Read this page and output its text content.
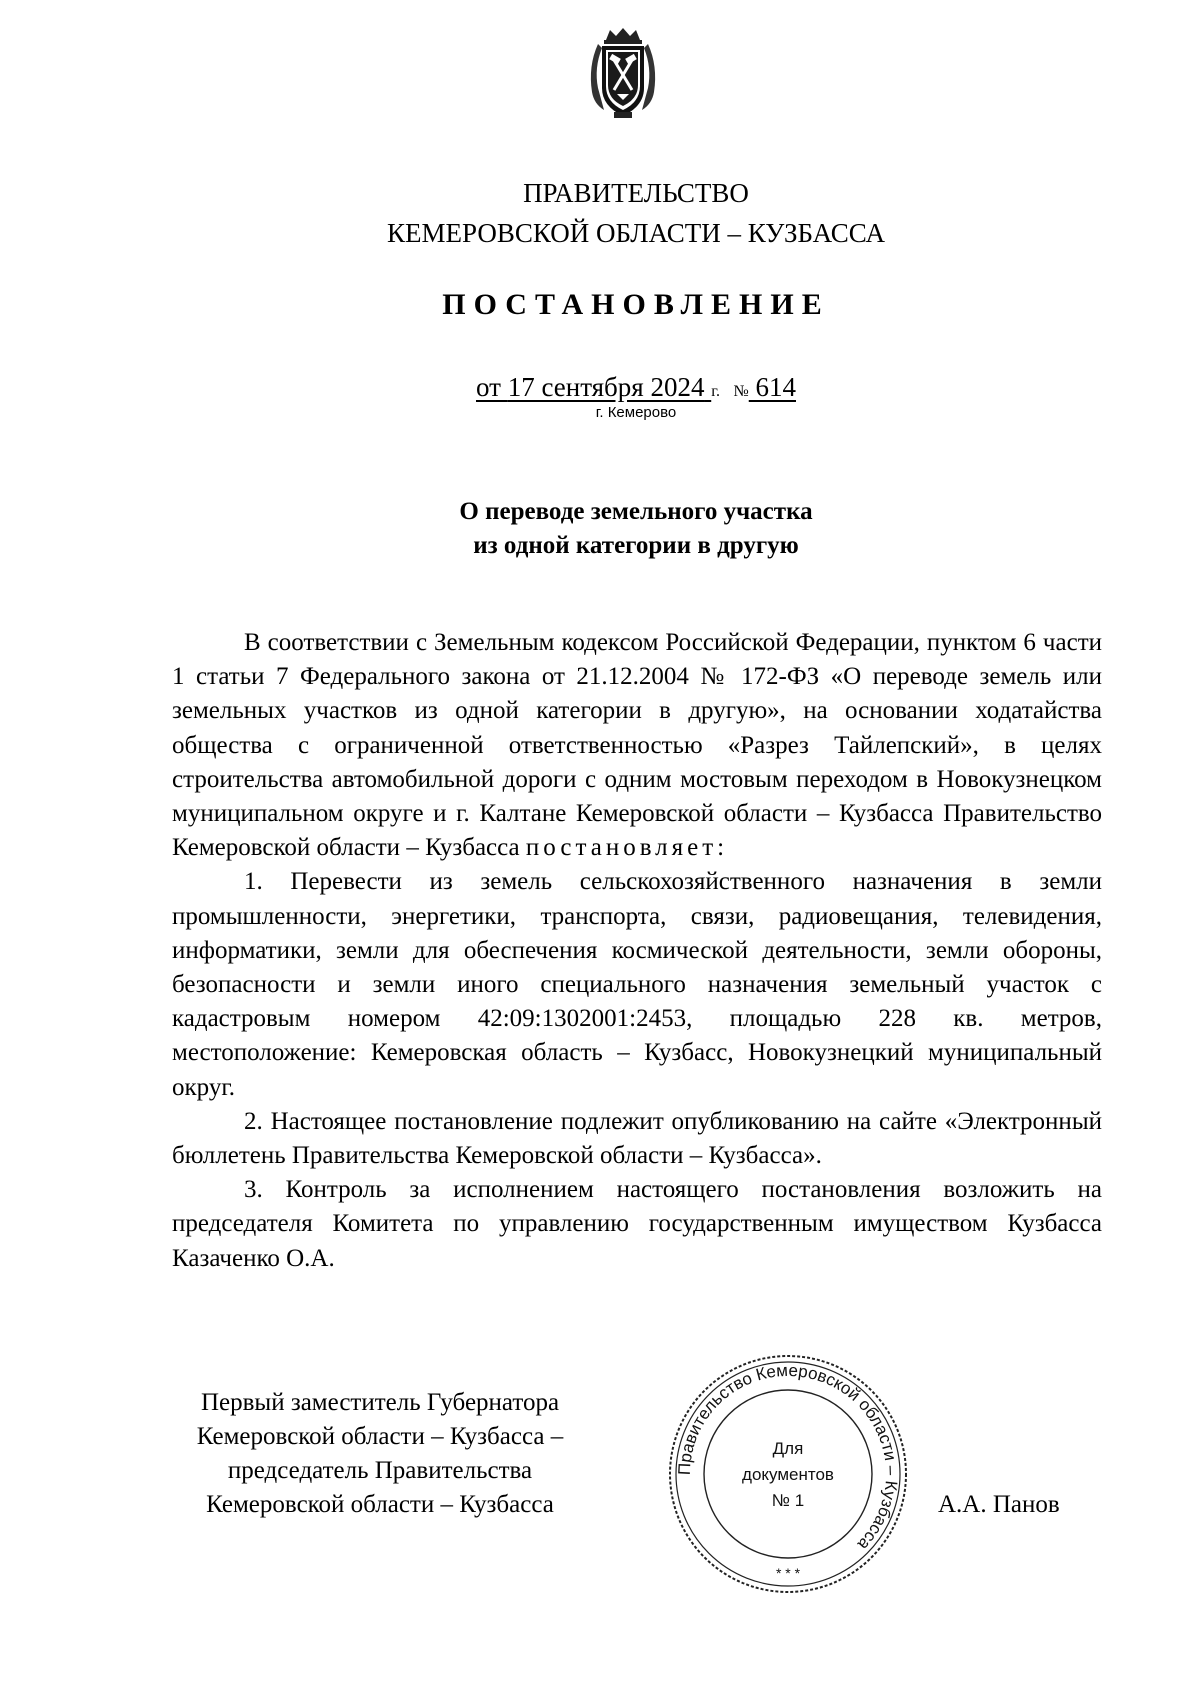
ПРАВИТЕЛЬСТВО
КЕМЕРОВСКОЙ ОБЛАСТИ – КУЗБАССА
ПОСТАНОВЛЕНИЕ
от 17 сентября 2024 г. № 614
г. Кемерово
О переводе земельного участка
из одной категории в другую

В соответствии с Земельным кодексом Российской Федерации, пунктом 6 части 1 статьи 7 Федерального закона от 21.12.2004 № 172-ФЗ «О переводе земель или земельных участков из одной категории в другую», на основании ходатайства общества с ограниченной ответственностью «Разрез Тайлепский», в целях строительства автомобильной дороги с одним мостовым переходом в Новокузнецком муниципальном округе и г. Калтане Кемеровской области – Кузбасса Правительство Кемеровской области – Кузбасса постановляет:

1. Перевести из земель сельскохозяйственного назначения в земли промышленности, энергетики, транспорта, связи, радиовещания, телевидения, информатики, земли для обеспечения космической деятельности, земли обороны, безопасности и земли иного специального назначения земельный участок с кадастровым номером 42:09:1302001:2453, площадью 228 кв. метров, местоположение: Кемеровская область – Кузбасс, Новокузнецкий муниципальный округ.

2. Настоящее постановление подлежит опубликованию на сайте «Электронный бюллетень Правительства Кемеровской области – Кузбасса».

3. Контроль за исполнением настоящего постановления возложить на председателя Комитета по управлению государственным имуществом Кузбасса Казаченко О.А.

Первый заместитель Губернатора
Кемеровской области – Кузбасса –
председатель Правительства
Кемеровской области – Кузбасса
Правительство Кемеровской области – Кузбасса
* * *
Для
документов
№ 1	А.А. Панов
